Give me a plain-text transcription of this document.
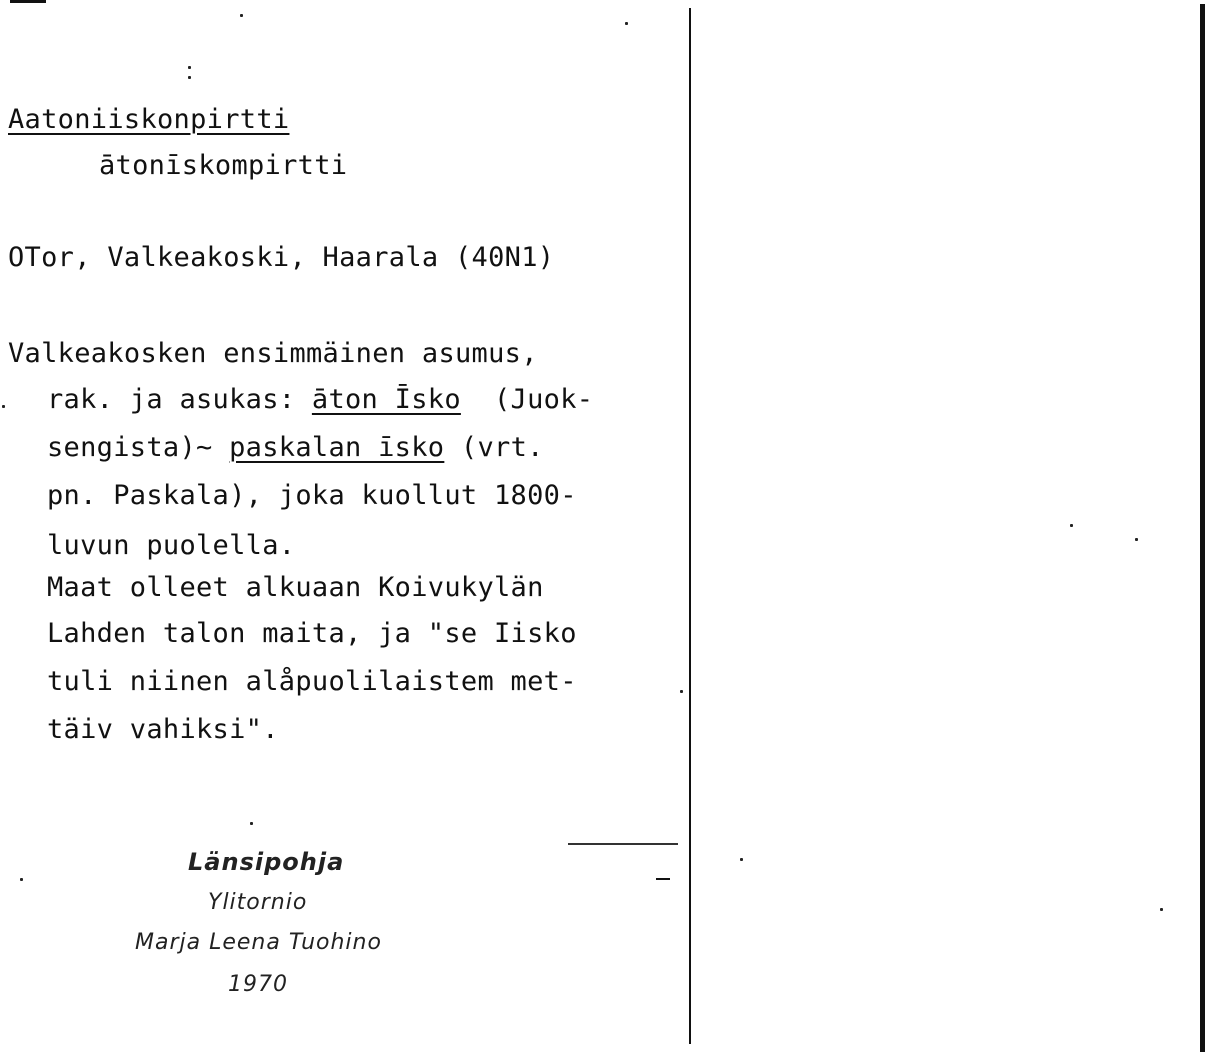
Aatoniiskonpirtti
ātonīskompirtti
OTor, Valkeakoski, Haarala (40N1)
Valkeakosken ensimmäinen asumus,
rak. ja asukas: āton Īsko  (Juok-
sengista)~ paskalan īsko (vrt.
pn. Paskala), joka kuollut 1800-
luvun puolella.
Maat olleet alkuaan Koivukylän
Lahden talon maita, ja "se Iisko
tuli niinen alåpuolilaistem met-
täiv vahiksi".
Länsipohja
Ylitornio
Marja Leena Tuohino
1970
